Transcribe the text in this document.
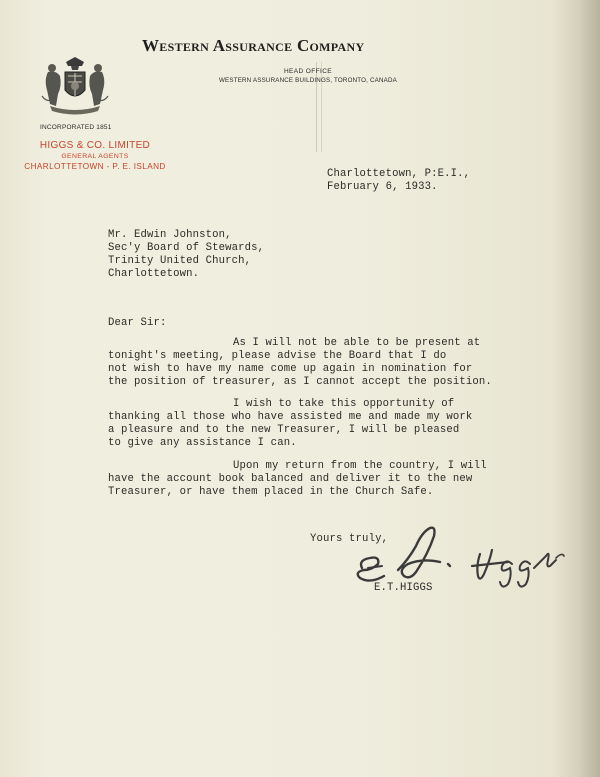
Western Assurance Company
HEAD OFFICE
WESTERN ASSURANCE BUILDINGS, TORONTO, CANADA
INCORPORATED 1851
HIGGS & CO. LIMITED
GENERAL AGENTS
CHARLOTTETOWN - P. E. ISLAND
Charlottetown, P:E.I.,
February 6, 1933.
Mr. Edwin Johnston,
Sec'y Board of Stewards,
Trinity United Church,
Charlottetown.
Dear Sir:
As I will not be able to be present at
tonight's meeting, please advise the Board that I do
not wish to have my name come up again in nomination for
the position of treasurer, as I cannot accept the position.
I wish to take this opportunity of
thanking all those who have assisted me and made my work
a pleasure and to the new Treasurer, I will be pleased
to give any assistance I can.
Upon my return from the country, I will
have the account book balanced and deliver it to the new
Treasurer, or have them placed in the Church Safe.
Yours truly,
E.T.HIGGS
